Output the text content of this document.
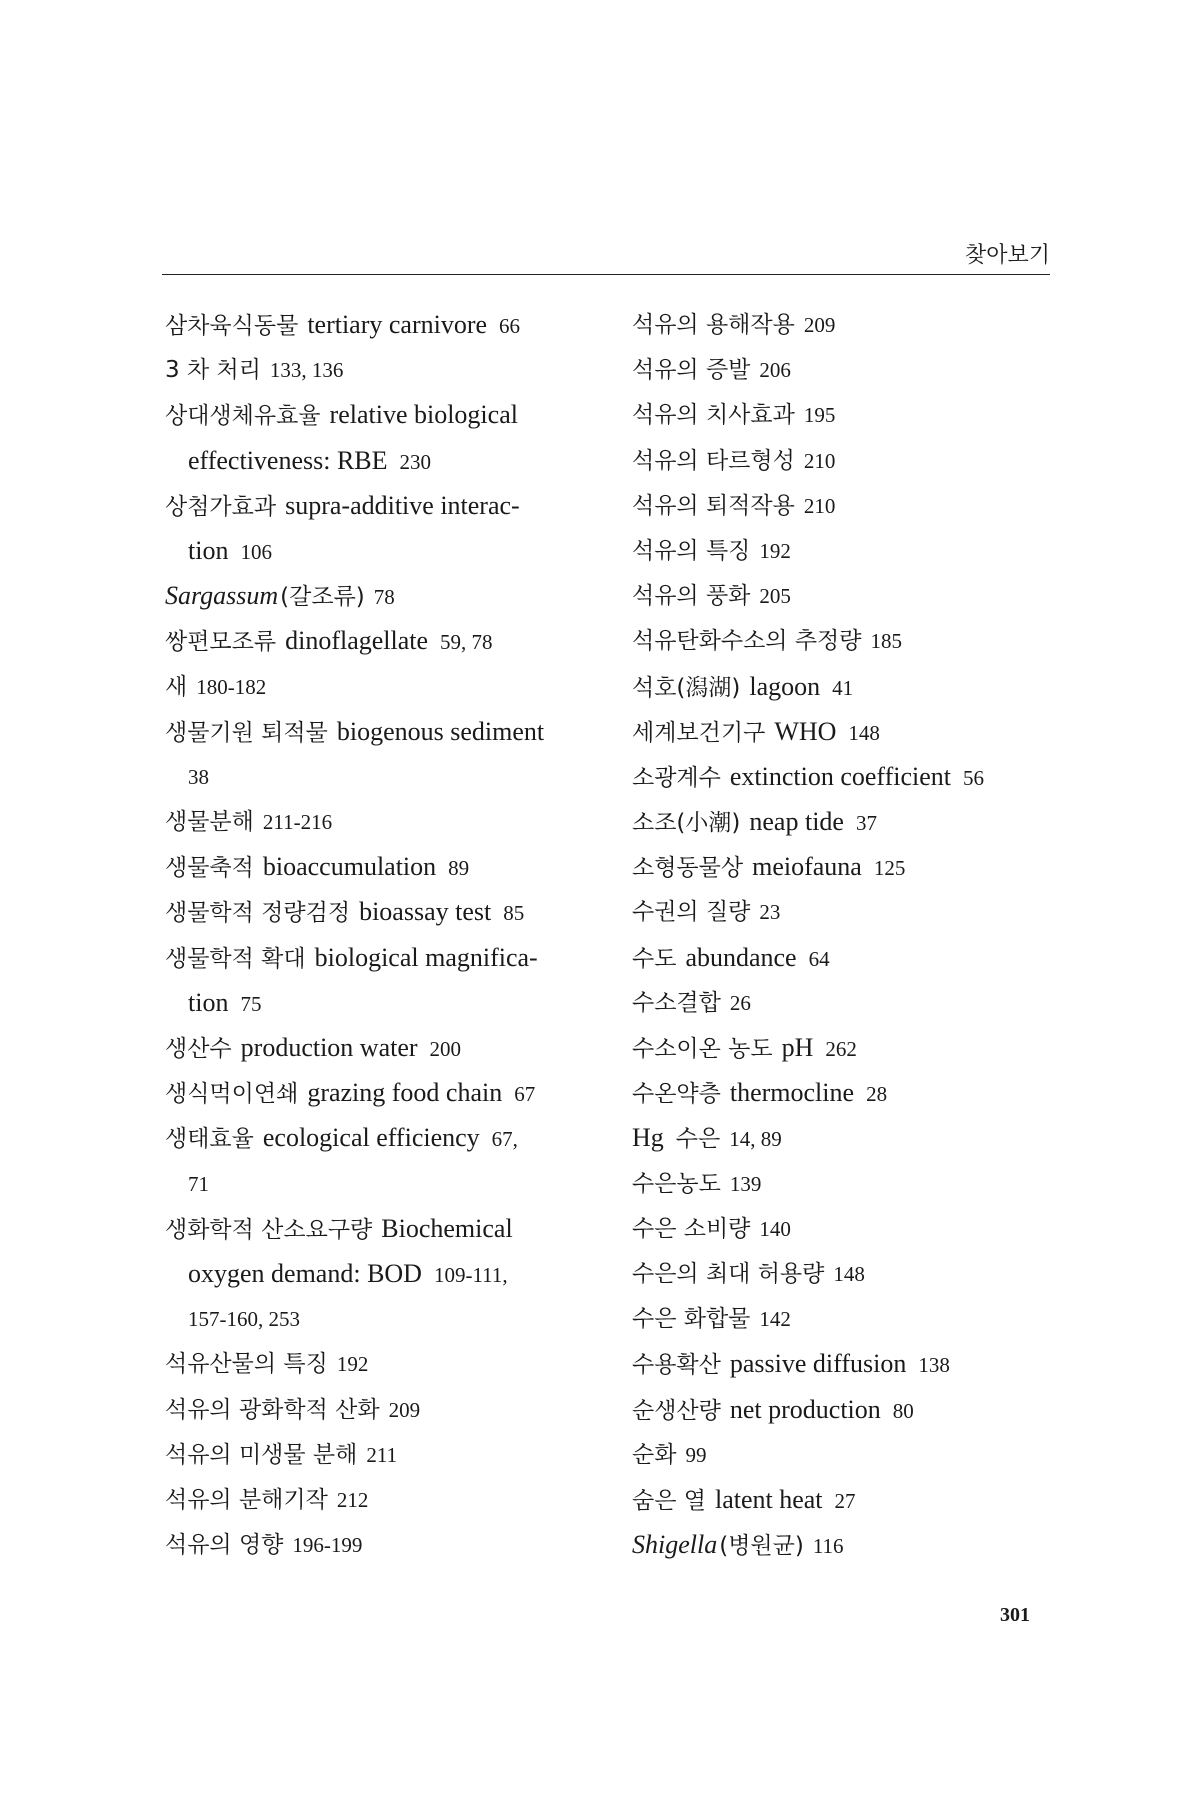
찾아보기
삼차육식동물 tertiary carnivore 66
3 차 처리 133, 136
상대생체유효율 relative biological
effectiveness: RBE 230
상첨가효과 supra-additive interac-
tion 106
Sargassum(갈조류) 78
쌍편모조류 dinoflagellate 59, 78
새 180-182
생물기원 퇴적물 biogenous sediment
38
생물분해 211-216
생물축적 bioaccumulation 89
생물학적 정량검정 bioassay test 85
생물학적 확대 biological magnifica-
tion 75
생산수 production water 200
생식먹이연쇄 grazing food chain 67
생태효율 ecological efficiency 67,
71
생화학적 산소요구량 Biochemical
oxygen demand: BOD 109-111,
157-160, 253
석유산물의 특징 192
석유의 광화학적 산화 209
석유의 미생물 분해 211
석유의 분해기작 212
석유의 영향 196-199
석유의 용해작용 209
석유의 증발 206
석유의 치사효과 195
석유의 타르형성 210
석유의 퇴적작용 210
석유의 특징 192
석유의 풍화 205
석유탄화수소의 추정량 185
석호(潟湖) lagoon 41
세계보건기구 WHO 148
소광계수 extinction coefficient 56
소조(小潮) neap tide 37
소형동물상 meiofauna 125
수권의 질량 23
수도 abundance 64
수소결합 26
수소이온 농도 pH 262
수온약층 thermocline 28
Hg 수은 14, 89
수은농도 139
수은 소비량 140
수은의 최대 허용량 148
수은 화합물 142
수용확산 passive diffusion 138
순생산량 net production 80
순화 99
숨은 열 latent heat 27
Shigella(병원균) 116
301
